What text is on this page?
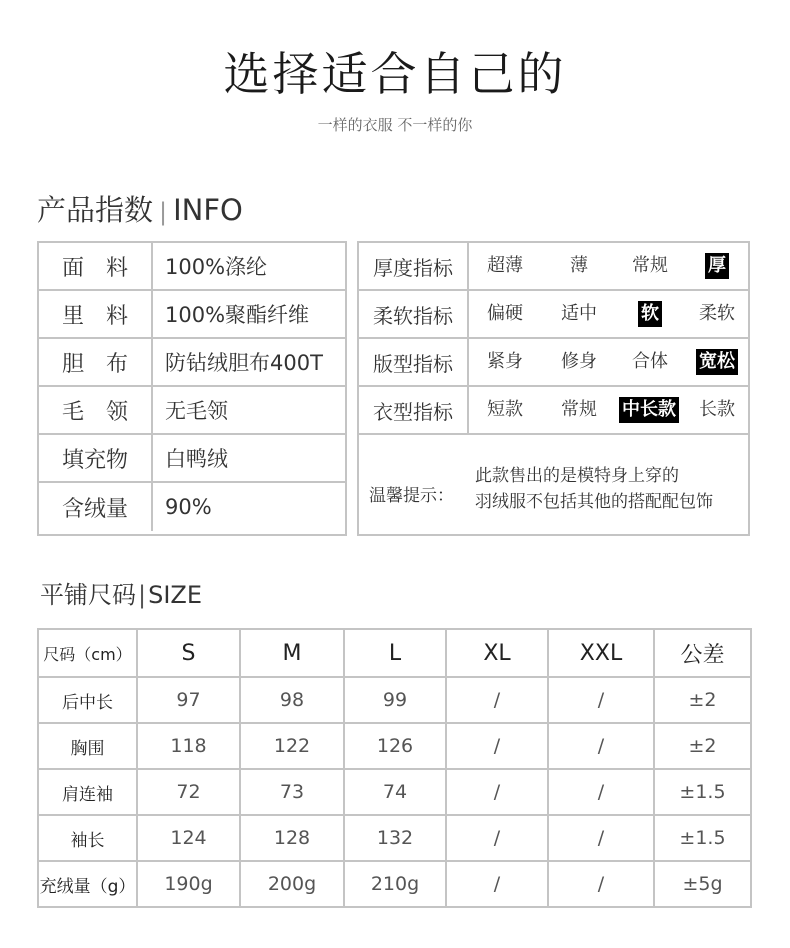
选择适合自己的
一样的衣服 不一样的你
产品指数 | INFO
面　料	100%涤纶
里　料	100%聚酯纤维
胆　布	防钻绒胆布400T
毛　领	无毛领
填充物	白鸭绒
含绒量	90%
厚度指标	超薄	薄 常规 厚
柔软指标	偏硬 适中 软 柔软
版型指标	紧身 修身 合体 宽松
衣型指标	短款 常规 中长款 长款
温馨提示：
此款售出的是模特身上穿的
羽绒服不包括其他的搭配配包饰
平铺尺码|SIZE
尺码（cm）	S	M	L	XL	XXL	公差
后中长	97	98	99	/	/	±2
胸围	118	122	126	/	/	±2
肩连袖	72	73	74	/	/	±1.5
袖长	124	128	132	/	/	±1.5
充绒量（g）	190g	200g	210g	/	/	±5g
